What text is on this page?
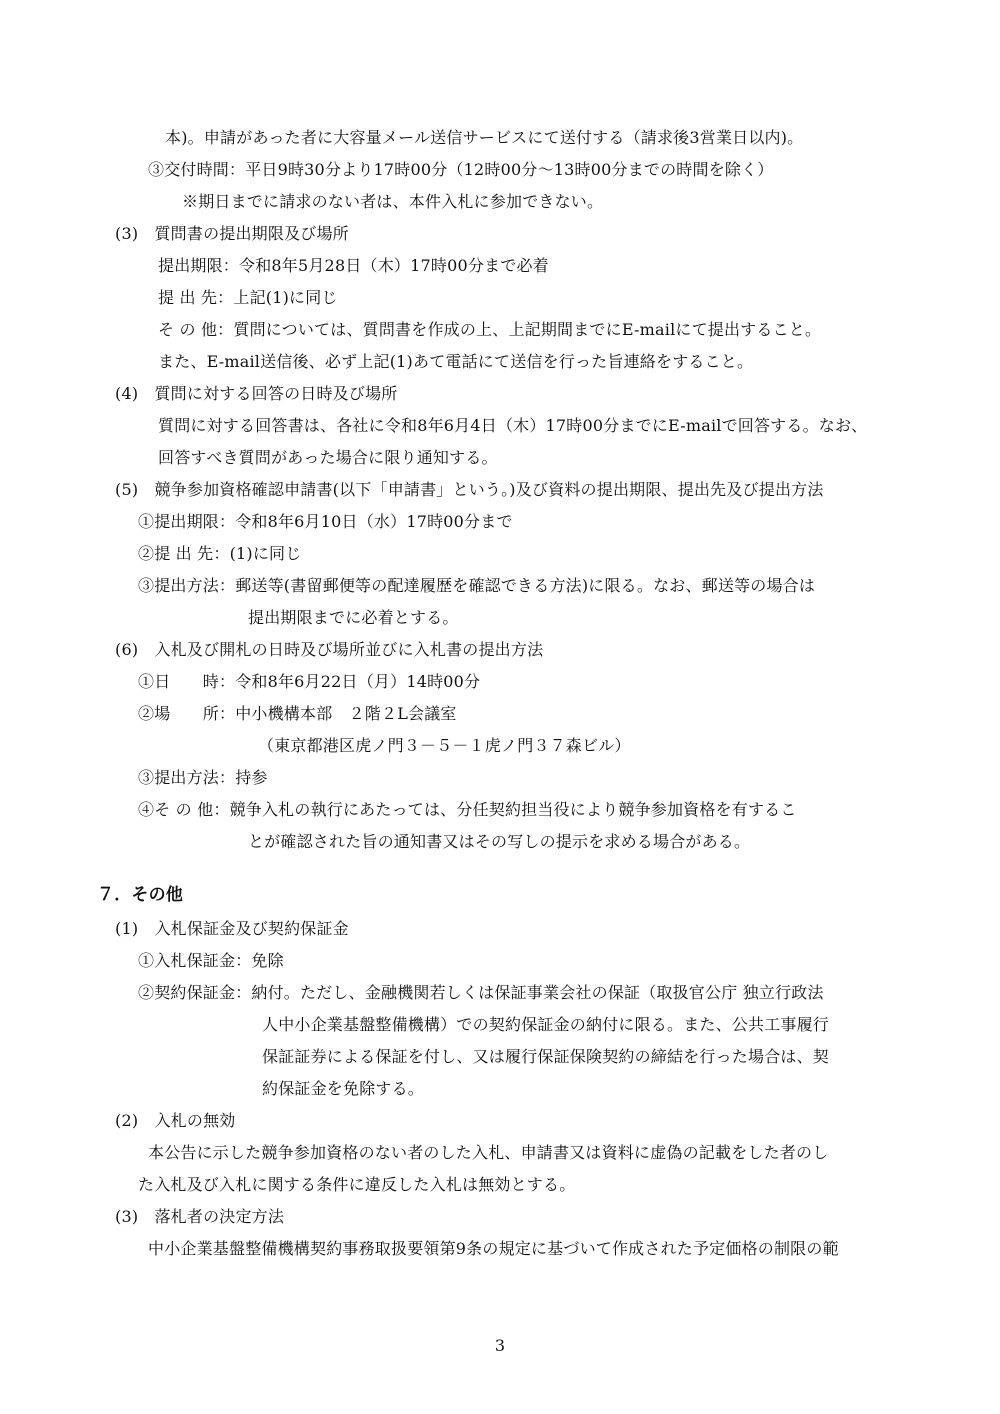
本)。申請があった者に大容量メール送信サービスにて送付する（請求後3営業日以内)。
③交付時間：平日9時30分より17時00分（12時00分～13時00分までの時間を除く）
※期日までに請求のない者は、本件入札に参加できない。
(3)　質問書の提出期限及び場所
提出期限：令和8年5月28日（木）17時00分まで必着
提 出 先：上記(1)に同じ
そ の 他：質問については、質問書を作成の上、上記期間までにE-mailにて提出すること。
また、E-mail送信後、必ず上記(1)あて電話にて送信を行った旨連絡をすること。
(4)　質問に対する回答の日時及び場所
質問に対する回答書は、各社に令和8年6月4日（木）17時00分までにE-mailで回答する。なお、
回答すべき質問があった場合に限り通知する。
(5)　競争参加資格確認申請書(以下「申請書」という。)及び資料の提出期限、提出先及び提出方法
①提出期限：令和8年6月10日（水）17時00分まで
②提 出 先：(1)に同じ
③提出方法：郵送等(書留郵便等の配達履歴を確認できる方法)に限る。なお、郵送等の場合は
提出期限までに必着とする。
(6)　入札及び開札の日時及び場所並びに入札書の提出方法
①日　　時：令和8年6月22日（月）14時00分
②場　　所：中小機構本部　２階２L会議室
（東京都港区虎ノ門３－５－１虎ノ門３７森ビル）
③提出方法：持参
④そ の 他：競争入札の執行にあたっては、分任契約担当役により競争参加資格を有するこ
とが確認された旨の通知書又はその写しの提示を求める場合がある。
７．その他
(1)　入札保証金及び契約保証金
①入札保証金：免除
②契約保証金：納付。ただし、金融機関若しくは保証事業会社の保証（取扱官公庁 独立行政法
人中小企業基盤整備機構）での契約保証金の納付に限る。また、公共工事履行
保証証券による保証を付し、又は履行保証保険契約の締結を行った場合は、契
約保証金を免除する。
(2)　入札の無効
本公告に示した競争参加資格のない者のした入札、申請書又は資料に虚偽の記載をした者のし
た入札及び入札に関する条件に違反した入札は無効とする。
(3)　落札者の決定方法
中小企業基盤整備機構契約事務取扱要領第9条の規定に基づいて作成された予定価格の制限の範
3
